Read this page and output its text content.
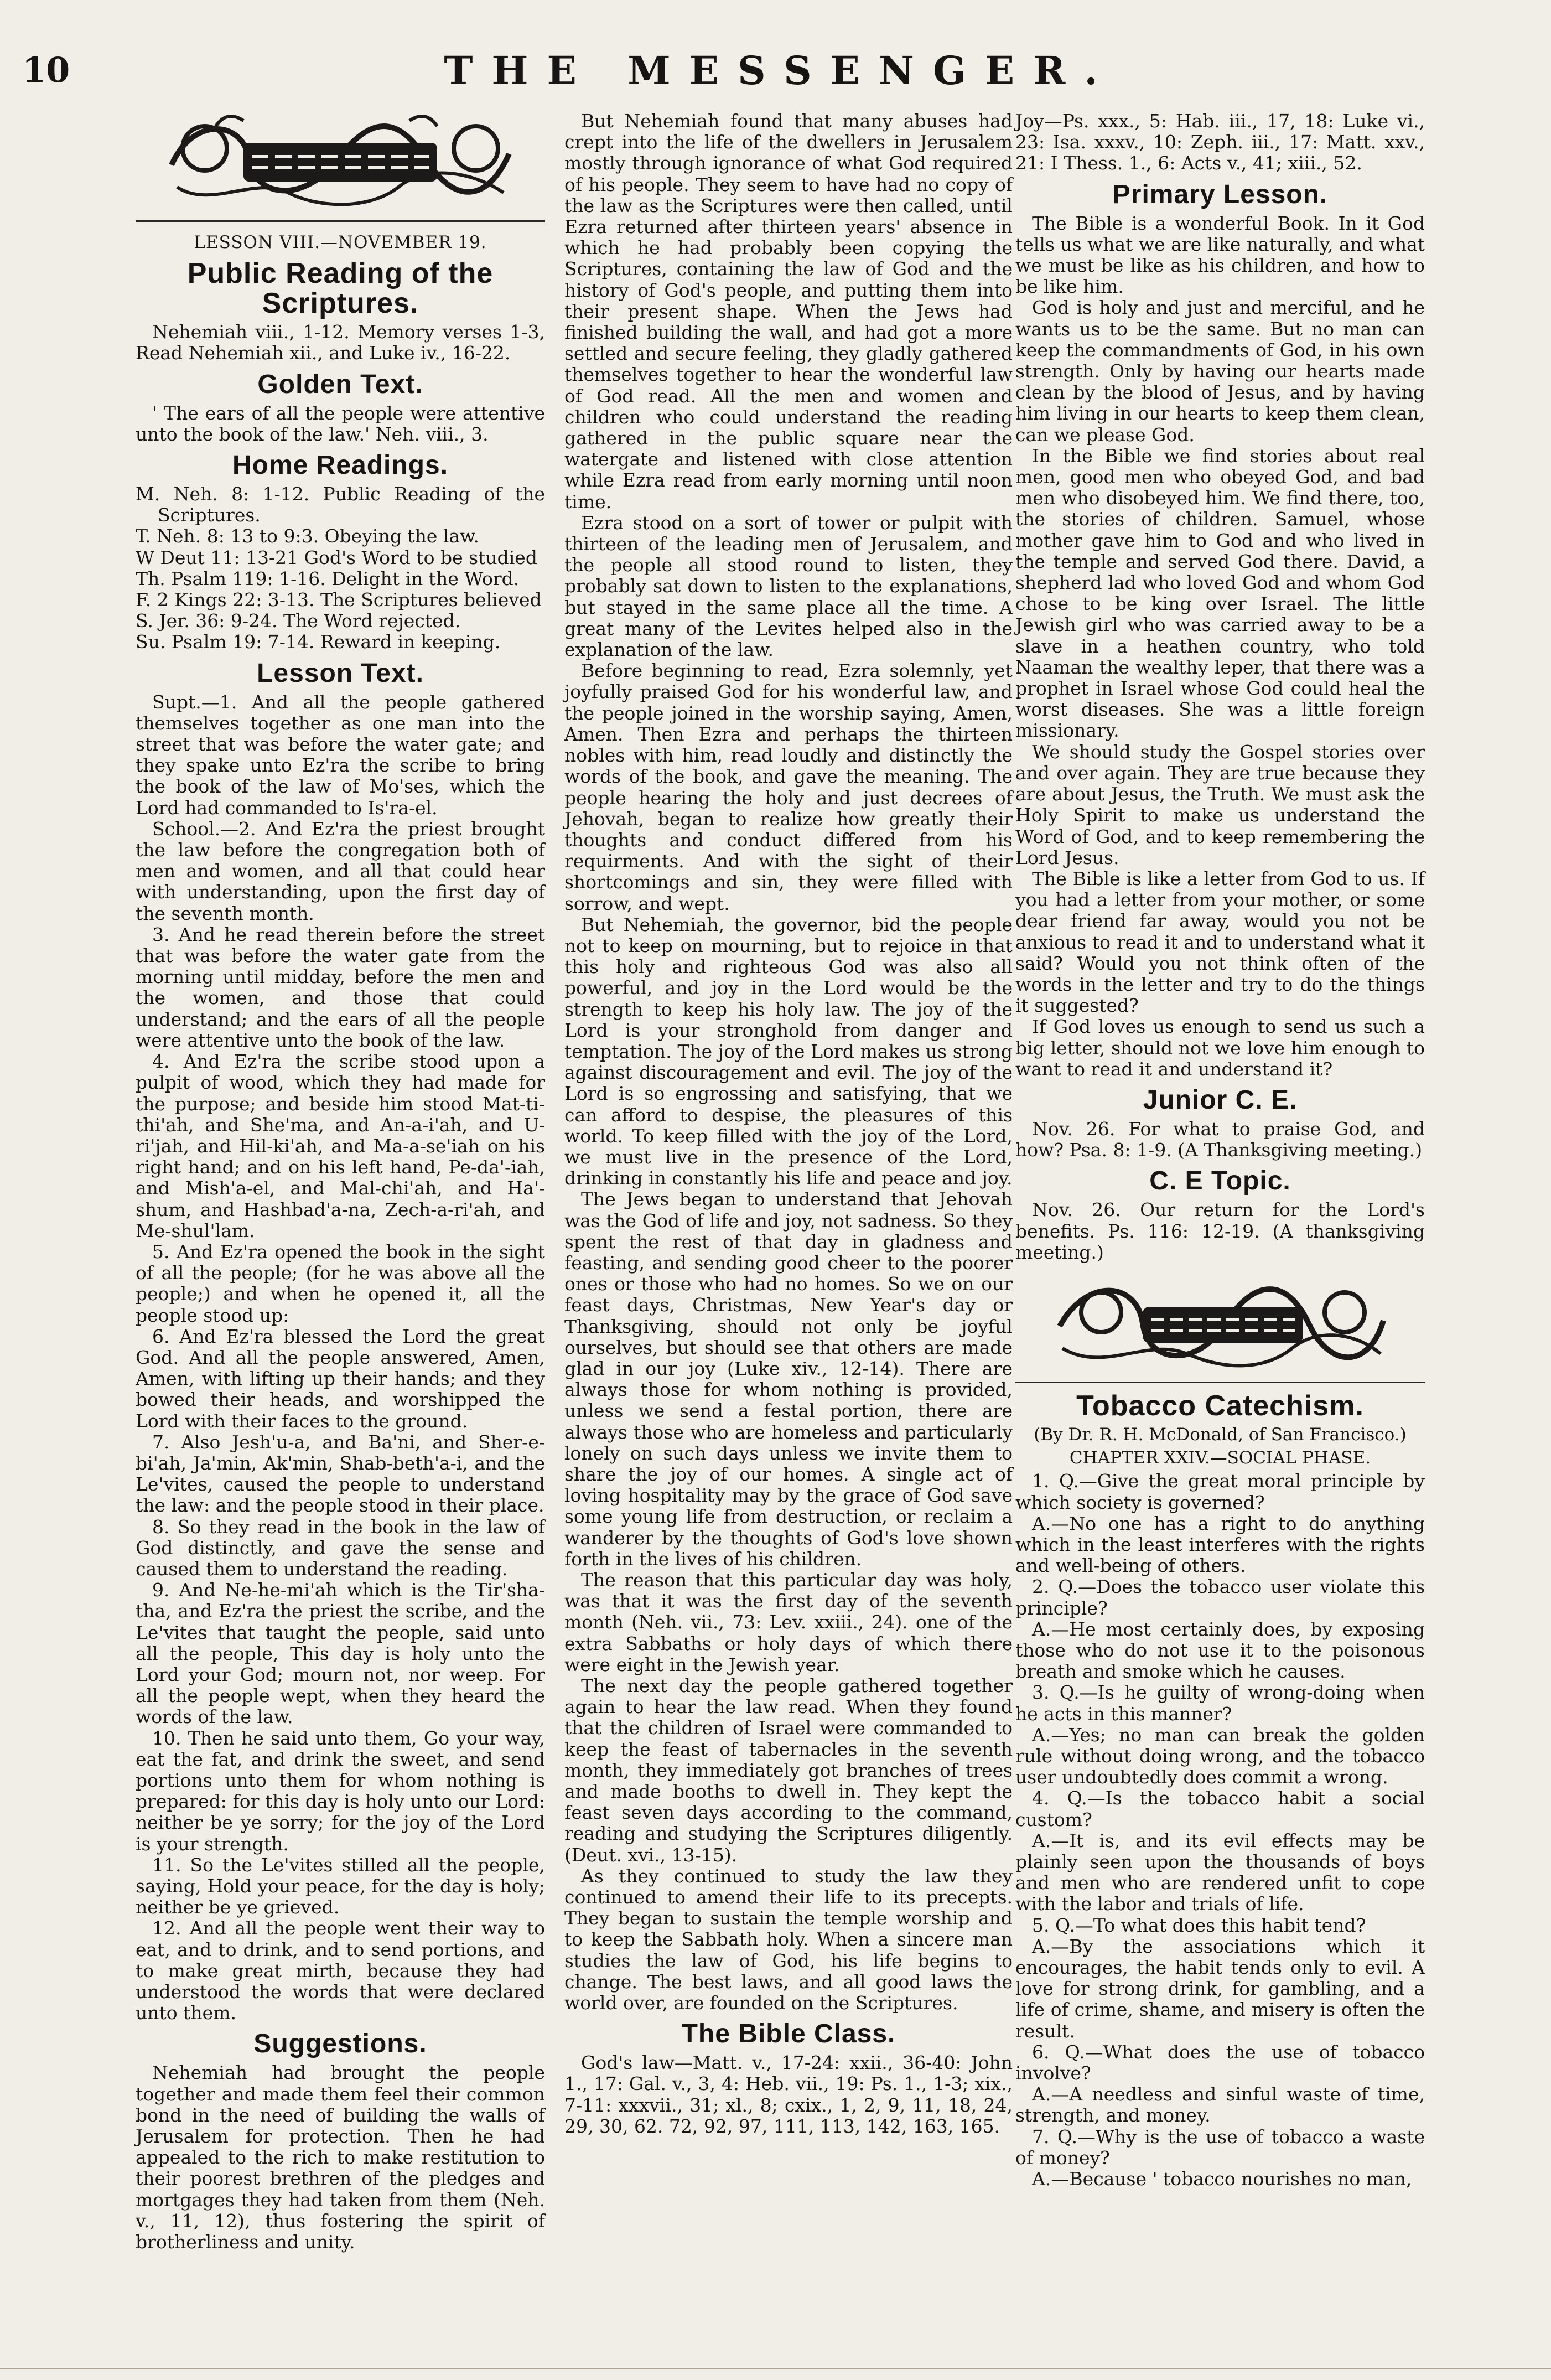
10	THE MESSENGER.
LESSON VIII.—NOVEMBER 19.
Public Reading of the Scriptures.

Nehemiah viii., 1-12. Memory verses 1-3, Read Nehemiah xii., and Luke iv., 16-22.

Golden Text.

' The ears of all the people were attentive unto the book of the law.' Neh. viii., 3.

Home Readings.

M. Neh. 8: 1-12. Public Reading of the Scriptures.

T. Neh. 8: 13 to 9:3. Obeying the law.

W Deut 11: 13-21 God's Word to be studied

Th. Psalm 119: 1-16. Delight in the Word.

F. 2 Kings 22: 3-13. The Scriptures believed

S. Jer. 36: 9-24. The Word rejected.

Su. Psalm 19: 7-14. Reward in keeping.

Lesson Text.

Supt.—1. And all the people gathered themselves together as one man into the street that was before the water gate; and they spake unto Ez'ra the scribe to bring the book of the law of Mo'ses, which the Lord had commanded to Is'ra-el.

School.—2. And Ez'ra the priest brought the law before the congregation both of men and women, and all that could hear with understanding, upon the first day of the seventh month.

3. And he read therein before the street that was before the water gate from the morning until midday, before the men and the women, and those that could understand; and the ears of all the people were attentive unto the book of the law.

4. And Ez'ra the scribe stood upon a pulpit of wood, which they had made for the purpose; and beside him stood Mat-ti-thi'ah, and She'ma, and An-a-i'ah, and U-ri'jah, and Hil-ki'ah, and Ma-a-se'iah on his right hand; and on his left hand, Pe-da'-iah, and Mish'a-el, and Mal-chi'ah, and Ha'-shum, and Hashbad'a-na, Zech-a-ri'ah, and Me-shul'lam.

5. And Ez'ra opened the book in the sight of all the people; (for he was above all the people;) and when he opened it, all the people stood up:

6. And Ez'ra blessed the Lord the great God. And all the people answered, Amen, Amen, with lifting up their hands; and they bowed their heads, and worshipped the Lord with their faces to the ground.

7. Also Jesh'u-a, and Ba'ni, and Sher-e-bi'ah, Ja'min, Ak'min, Shab-beth'a-i, and the Le'vites, caused the people to understand the law: and the people stood in their place.

8. So they read in the book in the law of God distinctly, and gave the sense and caused them to understand the reading.

9. And Ne-he-mi'ah which is the Tir'sha-tha, and Ez'ra the priest the scribe, and the Le'vites that taught the people, said unto all the people, This day is holy unto the Lord your God; mourn not, nor weep. For all the people wept, when they heard the words of the law.

10. Then he said unto them, Go your way, eat the fat, and drink the sweet, and send portions unto them for whom nothing is prepared: for this day is holy unto our Lord: neither be ye sorry; for the joy of the Lord is your strength.

11. So the Le'vites stilled all the people, saying, Hold your peace, for the day is holy; neither be ye grieved.

12. And all the people went their way to eat, and to drink, and to send portions, and to make great mirth, because they had understood the words that were declared unto them.

Suggestions.

Nehemiah had brought the people together and made them feel their common bond in the need of building the walls of Jerusalem for protection. Then he had appealed to the rich to make restitution to their poorest brethren of the pledges and mortgages they had taken from them (Neh. v., 11, 12), thus fostering the spirit of brotherliness and unity.

But Nehemiah found that many abuses had crept into the life of the dwellers in Jerusalem mostly through ignorance of what God required of his people. They seem to have had no copy of the law as the Scriptures were then called, until Ezra returned after thirteen years' absence in which he had probably been copying the Scriptures, containing the law of God and the history of God's people, and putting them into their present shape. When the Jews had finished building the wall, and had got a more settled and secure feeling, they gladly gathered themselves together to hear the wonderful law of God read. All the men and women and children who could understand the reading gathered in the public square near the watergate and listened with close attention while Ezra read from early morning until noon time.

Ezra stood on a sort of tower or pulpit with thirteen of the leading men of Jerusalem, and the people all stood round to listen, they probably sat down to listen to the explanations, but stayed in the same place all the time. A great many of the Levites helped also in the explanation of the law.

Before beginning to read, Ezra solemnly, yet joyfully praised God for his wonderful law, and the people joined in the worship saying, Amen, Amen. Then Ezra and perhaps the thirteen nobles with him, read loudly and distinctly the words of the book, and gave the meaning. The people hearing the holy and just decrees of Jehovah, began to realize how greatly their thoughts and conduct differed from his requirments. And with the sight of their shortcomings and sin, they were filled with sorrow, and wept.

But Nehemiah, the governor, bid the people not to keep on mourning, but to rejoice in that this holy and righteous God was also all powerful, and joy in the Lord would be the strength to keep his holy law. The joy of the Lord is your stronghold from danger and temptation. The joy of the Lord makes us strong against discouragement and evil. The joy of the Lord is so engrossing and satisfying, that we can afford to despise, the pleasures of this world. To keep filled with the joy of the Lord, we must live in the presence of the Lord, drinking in constantly his life and peace and joy.

The Jews began to understand that Jehovah was the God of life and joy, not sadness. So they spent the rest of that day in gladness and feasting, and sending good cheer to the poorer ones or those who had no homes. So we on our feast days, Christmas, New Year's day or Thanksgiving, should not only be joyful ourselves, but should see that others are made glad in our joy (Luke xiv., 12-14). There are always those for whom nothing is provided, unless we send a festal portion, there are always those who are homeless and particularly lonely on such days unless we invite them to share the joy of our homes. A single act of loving hospitality may by the grace of God save some young life from destruction, or reclaim a wanderer by the thoughts of God's love shown forth in the lives of his children.

The reason that this particular day was holy, was that it was the first day of the seventh month (Neh. vii., 73: Lev. xxiii., 24). one of the extra Sabbaths or holy days of which there were eight in the Jewish year.

The next day the people gathered together again to hear the law read. When they found that the children of Israel were commanded to keep the feast of tabernacles in the seventh month, they immediately got branches of trees and made booths to dwell in. They kept the feast seven days according to the command, reading and studying the Scriptures diligently. (Deut. xvi., 13-15).

As they continued to study the law they continued to amend their life to its precepts. They began to sustain the temple worship and to keep the Sabbath holy. When a sincere man studies the law of God, his life begins to change. The best laws, and all good laws the world over, are founded on the Scriptures.

The Bible Class.

God's law—Matt. v., 17-24: xxii., 36-40: John 1., 17: Gal. v., 3, 4: Heb. vii., 19: Ps. 1., 1-3; xix., 7-11: xxxvii., 31; xl., 8; cxix., 1, 2, 9, 11, 18, 24, 29, 30, 62. 72, 92, 97, 111, 113, 142, 163, 165.

Joy—Ps. xxx., 5: Hab. iii., 17, 18: Luke vi., 23: Isa. xxxv., 10: Zeph. iii., 17: Matt. xxv., 21: I Thess. 1., 6: Acts v., 41; xiii., 52.

Primary Lesson.

The Bible is a wonderful Book. In it God tells us what we are like naturally, and what we must be like as his children, and how to be like him.

God is holy and just and merciful, and he wants us to be the same. But no man can keep the commandments of God, in his own strength. Only by having our hearts made clean by the blood of Jesus, and by having him living in our hearts to keep them clean, can we please God.

In the Bible we find stories about real men, good men who obeyed God, and bad men who disobeyed him. We find there, too, the stories of children. Samuel, whose mother gave him to God and who lived in the temple and served God there. David, a shepherd lad who loved God and whom God chose to be king over Israel. The little Jewish girl who was carried away to be a slave in a heathen country, who told Naaman the wealthy leper, that there was a prophet in Israel whose God could heal the worst diseases. She was a little foreign missionary.

We should study the Gospel stories over and over again. They are true because they are about Jesus, the Truth. We must ask the Holy Spirit to make us understand the Word of God, and to keep remembering the Lord Jesus.

The Bible is like a letter from God to us. If you had a letter from your mother, or some dear friend far away, would you not be anxious to read it and to understand what it said? Would you not think often of the words in the letter and try to do the things it suggested?

If God loves us enough to send us such a big letter, should not we love him enough to want to read it and understand it?

Junior C. E.

Nov. 26. For what to praise God, and how? Psa. 8: 1-9. (A Thanksgiving meeting.)

C. E Topic.

Nov. 26. Our return for the Lord's benefits. Ps. 116: 12-19. (A thanksgiving meeting.)

Tobacco Catechism.
(By Dr. R. H. McDonald, of San Francisco.)
CHAPTER XXIV.—SOCIAL PHASE.

1. Q.—Give the great moral principle by which society is governed?

A.—No one has a right to do anything which in the least interferes with the rights and well-being of others.

2. Q.—Does the tobacco user violate this principle?

A.—He most certainly does, by exposing those who do not use it to the poisonous breath and smoke which he causes.

3. Q.—Is he guilty of wrong-doing when he acts in this manner?

A.—Yes; no man can break the golden rule without doing wrong, and the tobacco user undoubtedly does commit a wrong.

4. Q.—Is the tobacco habit a social custom?

A.—It is, and its evil effects may be plainly seen upon the thousands of boys and men who are rendered unfit to cope with the labor and trials of life.

5. Q.—To what does this habit tend?

A.—By the associations which it encourages, the habit tends only to evil. A love for strong drink, for gambling, and a life of crime, shame, and misery is often the result.

6. Q.—What does the use of tobacco involve?

A.—A needless and sinful waste of time, strength, and money.

7. Q.—Why is the use of tobacco a waste of money?

A.—Because ' tobacco nourishes no man,
